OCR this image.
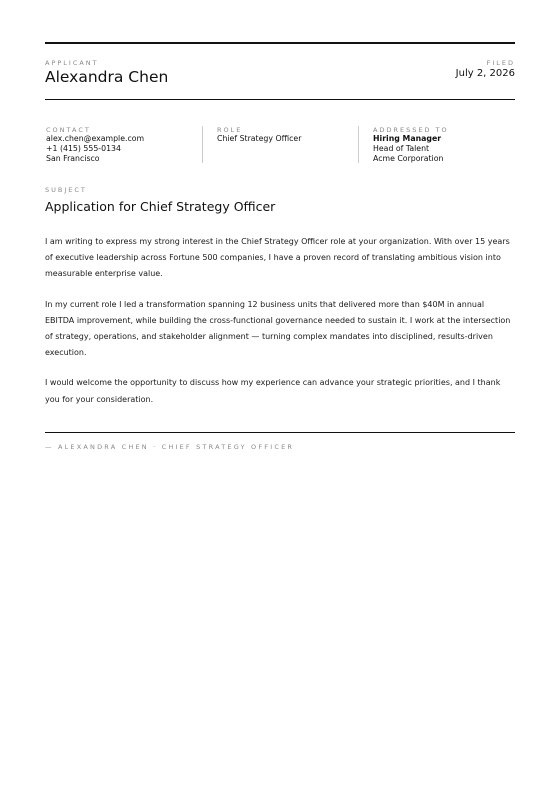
APPLICANT
Alexandra Chen
FILED
July 2, 2026
CONTACT
alex.chen@example.com
+1 (415) 555-0134
San Francisco
ROLE
Chief Strategy Officer
ADDRESSED TO
Hiring Manager
Head of Talent
Acme Corporation
SUBJECT
Application for Chief Strategy Officer

I am writing to express my strong interest in the Chief Strategy Officer role at your organization. With over 15 years of executive leadership across Fortune 500 companies, I have a proven record of translating ambitious vision into measurable enterprise value.

In my current role I led a transformation spanning 12 business units that delivered more than $40M in annual EBITDA improvement, while building the cross-functional governance needed to sustain it. I work at the intersection of strategy, operations, and stakeholder alignment — turning complex mandates into disciplined, results-driven execution.

I would welcome the opportunity to discuss how my experience can advance your strategic priorities, and I thank you for your consideration.

— ALEXANDRA CHEN · CHIEF STRATEGY OFFICER
